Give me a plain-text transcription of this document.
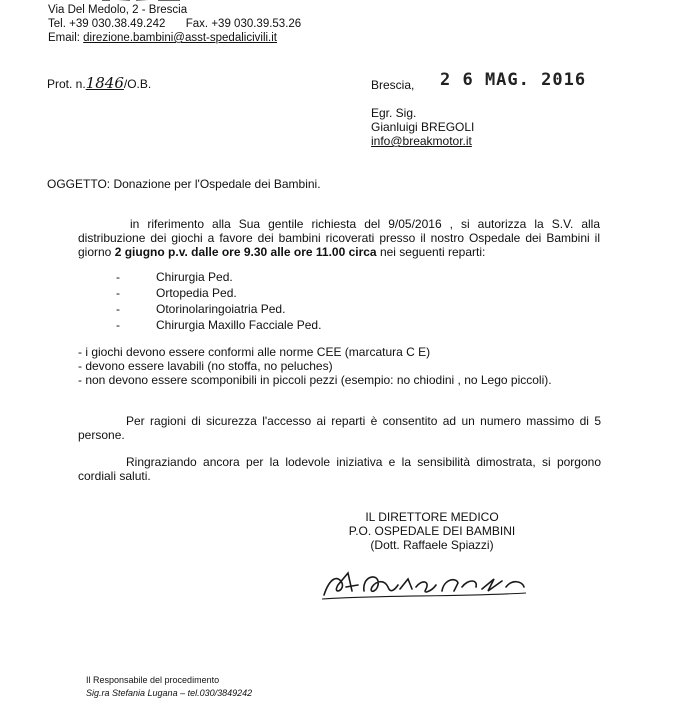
Via Del Medolo, 2 - Brescia
Tel. +39 030.38.49.242 Fax. +39 030.39.53.26
Email: direzione.bambini@asst-spedalicivili.it
Prot. n.1846/O.B.	Brescia, 2 6 MAG. 2016
Egr. Sig.
Gianluigi BREGOLI
info@breakmotor.it
OGGETTO: Donazione per l'Ospedale dei Bambini.
in riferimento alla Sua gentile richiesta del 9/05/2016 , si autorizza la S.V. alla
distribuzione dei giochi a favore dei bambini ricoverati presso il nostro Ospedale dei Bambini il
giorno 2 giugno p.v. dalle ore 9.30 alle ore 11.00 circa nei seguenti reparti:
-	Chirurgia Ped.
-	Ortopedia Ped.
-	Otorinolaringoiatria Ped.
-	Chirurgia Maxillo Facciale Ped.
- i giochi devono essere conformi alle norme CEE (marcatura C E)
- devono essere lavabili (no stoffa, no peluches)
- non devono essere scomponibili in piccoli pezzi (esempio: no chiodini , no Lego piccoli).
Per ragioni di sicurezza l'accesso ai reparti è consentito ad un numero massimo di 5
persone.
Ringraziando ancora per la lodevole iniziativa e la sensibilità dimostrata, si porgono
cordiali saluti.
IL DIRETTORE MEDICO
P.O. OSPEDALE DEI BAMBINI
(Dott. Raffaele Spiazzi)
Il Responsabile del procedimento
Sig.ra Stefania Lugana – tel.030/3849242
